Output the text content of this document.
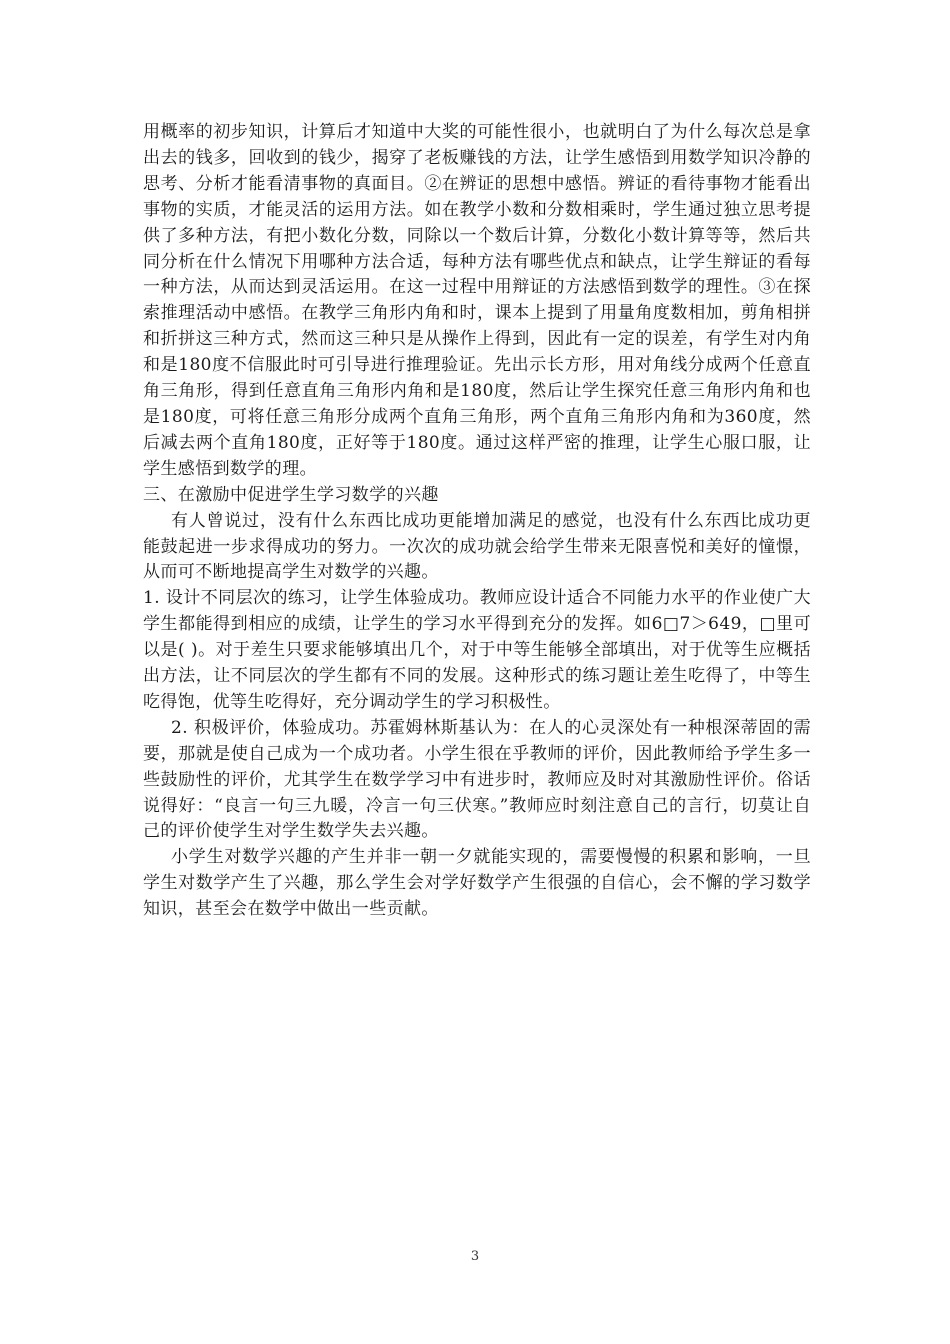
用概率的初步知识，计算后才知道中大奖的可能性很小，也就明白了为什么每次总是拿出去的钱多，回收到的钱少，揭穿了老板赚钱的方法，让学生感悟到用数学知识冷静的思考、分析才能看清事物的真面目。②在辨证的思想中感悟。辨证的看待事物才能看出事物的实质，才能灵活的运用方法。如在教学小数和分数相乘时，学生通过独立思考提供了多种方法，有把小数化分数，同除以一个数后计算，分数化小数计算等等，然后共同分析在什么情况下用哪种方法合适，每种方法有哪些优点和缺点，让学生辩证的看每一种方法，从而达到灵活运用。在这一过程中用辩证的方法感悟到数学的理性。③在探索推理活动中感悟。在教学三角形内角和时，课本上提到了用量角度数相加，剪角相拼和折拼这三种方式，然而这三种只是从操作上得到，因此有一定的误差，有学生对内角和是180度不信服此时可引导进行推理验证。先出示长方形，用对角线分成两个任意直角三角形，得到任意直角三角形内角和是180度，然后让学生探究任意三角形内角和也是180度，可将任意三角形分成两个直角三角形，两个直角三角形内角和为360度，然后减去两个直角180度，正好等于180度。通过这样严密的推理，让学生心服口服，让学生感悟到数学的理。

三、在激励中促进学生学习数学的兴趣

有人曾说过，没有什么东西比成功更能增加满足的感觉，也没有什么东西比成功更能鼓起进一步求得成功的努力。一次次的成功就会给学生带来无限喜悦和美好的憧憬，从而可不断地提高学生对数学的兴趣。

1. 设计不同层次的练习，让学生体验成功。教师应设计适合不同能力水平的作业使广大学生都能得到相应的成绩，让学生的学习水平得到充分的发挥。如6□7＞649，□里可以是( )。对于差生只要求能够填出几个，对于中等生能够全部填出，对于优等生应概括出方法，让不同层次的学生都有不同的发展。这种形式的练习题让差生吃得了，中等生吃得饱，优等生吃得好，充分调动学生的学习积极性。

2. 积极评价，体验成功。苏霍姆林斯基认为：在人的心灵深处有一种根深蒂固的需要，那就是使自己成为一个成功者。小学生很在乎教师的评价，因此教师给予学生多一些鼓励性的评价，尤其学生在数学学习中有进步时，教师应及时对其激励性评价。俗话说得好：“良言一句三九暖，冷言一句三伏寒。”教师应时刻注意自己的言行，切莫让自己的评价使学生对学生数学失去兴趣。

小学生对数学兴趣的产生并非一朝一夕就能实现的，需要慢慢的积累和影响，一旦学生对数学产生了兴趣，那么学生会对学好数学产生很强的自信心，会不懈的学习数学知识，甚至会在数学中做出一些贡献。

3
